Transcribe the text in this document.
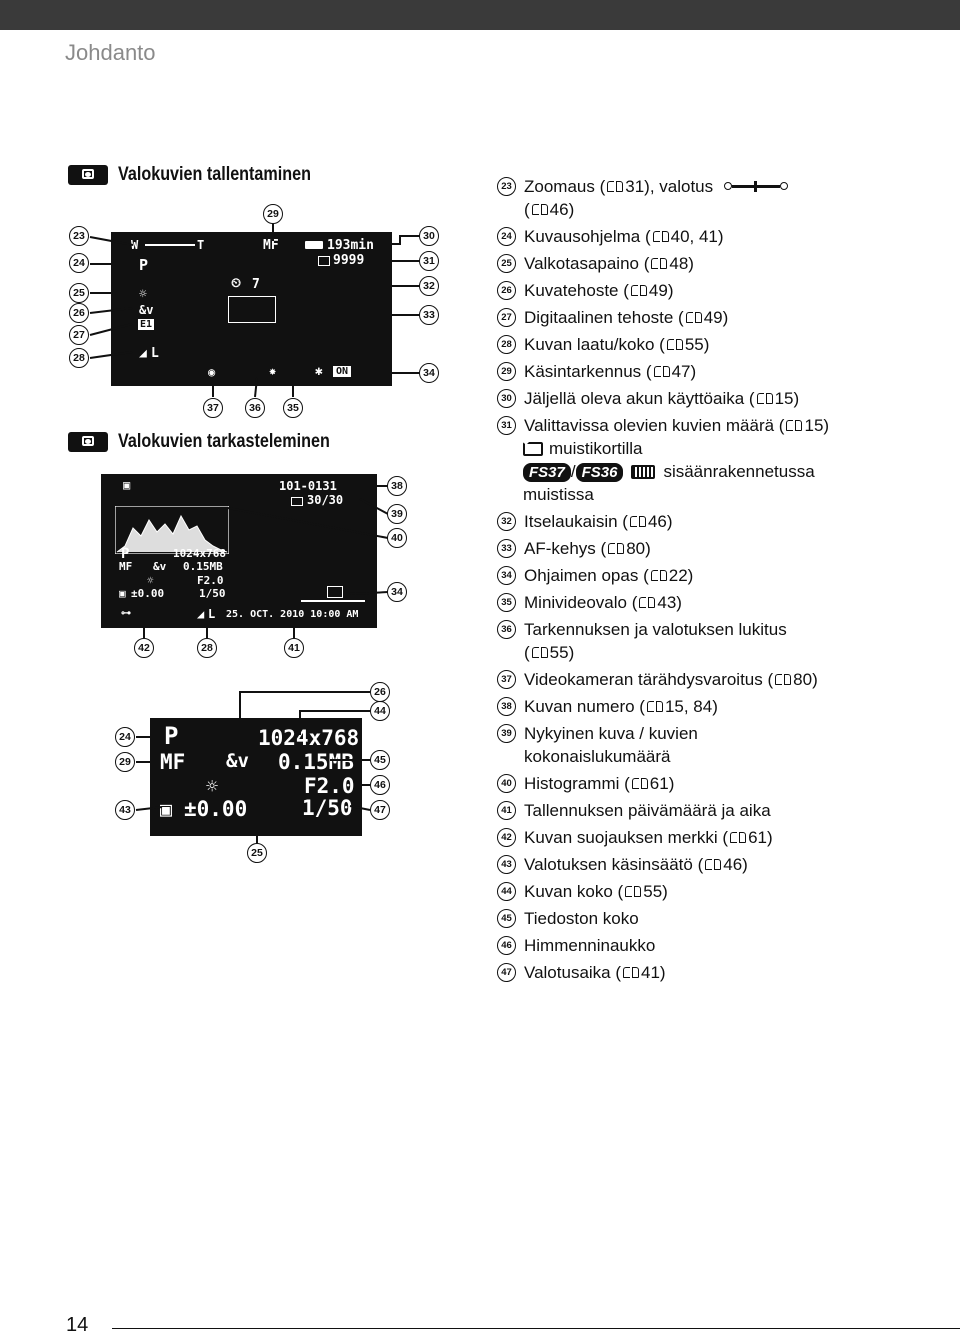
Johdanto
Valokuvien tallentaminen
Valokuvien tarkasteleminen
W	T	MF	193min
9999
P
⏲ 7
☼
&v
E1
◢ L
◉	✸	✱	ON
▣	101-0131
30/30
P	1024x768
MF &v 0.15MB
☼	F2.0
▣ ±0.00	1/50
⊶	◢ L 25. OCT. 2010 10:00 AM
P	1024x768
MF &v 0.15MB
☼	F2.0
▣ ±0.00	1/50
23
24
25
26
27
28
29
30
31
32
33
34
37	36	35
38
39
40
34
42	28	41
26
44
24
29
43
45
46
47
25
23 Zoomaus ( 31), valotus

( 46)
24 Kuvausohjelma ( 40, 41)
25 Valkotasapaino ( 48)
26 Kuvatehoste ( 49)
27 Digitaalinen tehoste ( 49)
28 Kuvan laatu/koko ( 55)
29 Käsintarkennus ( 47)
30 Jäljellä oleva akun käyttöaika ( 15)
31 Valittavissa olevien kuvien määrä ( 15)
muistikortilla
FS37 / FS36	sisäänrakennetussa
muistissa
32 Itselaukaisin ( 46)
33 AF-kehys ( 80)
34 Ohjaimen opas ( 22)
35 Minivideovalo ( 43)
36 Tarkennuksen ja valotuksen lukitus
( 55)
37 Videokameran tärähdysvaroitus ( 80)
38 Kuvan numero ( 15, 84)
39 Nykyinen kuva / kuvien
kokonaislukumäärä
40 Histogrammi ( 61)
41 Tallennuksen päivämäärä ja aika
42 Kuvan suojauksen merkki ( 61)
43 Valotuksen käsinsäätö ( 46)
44 Kuvan koko ( 55)
45 Tiedoston koko
46 Himmenninaukko
47 Valotusaika ( 41)
14
